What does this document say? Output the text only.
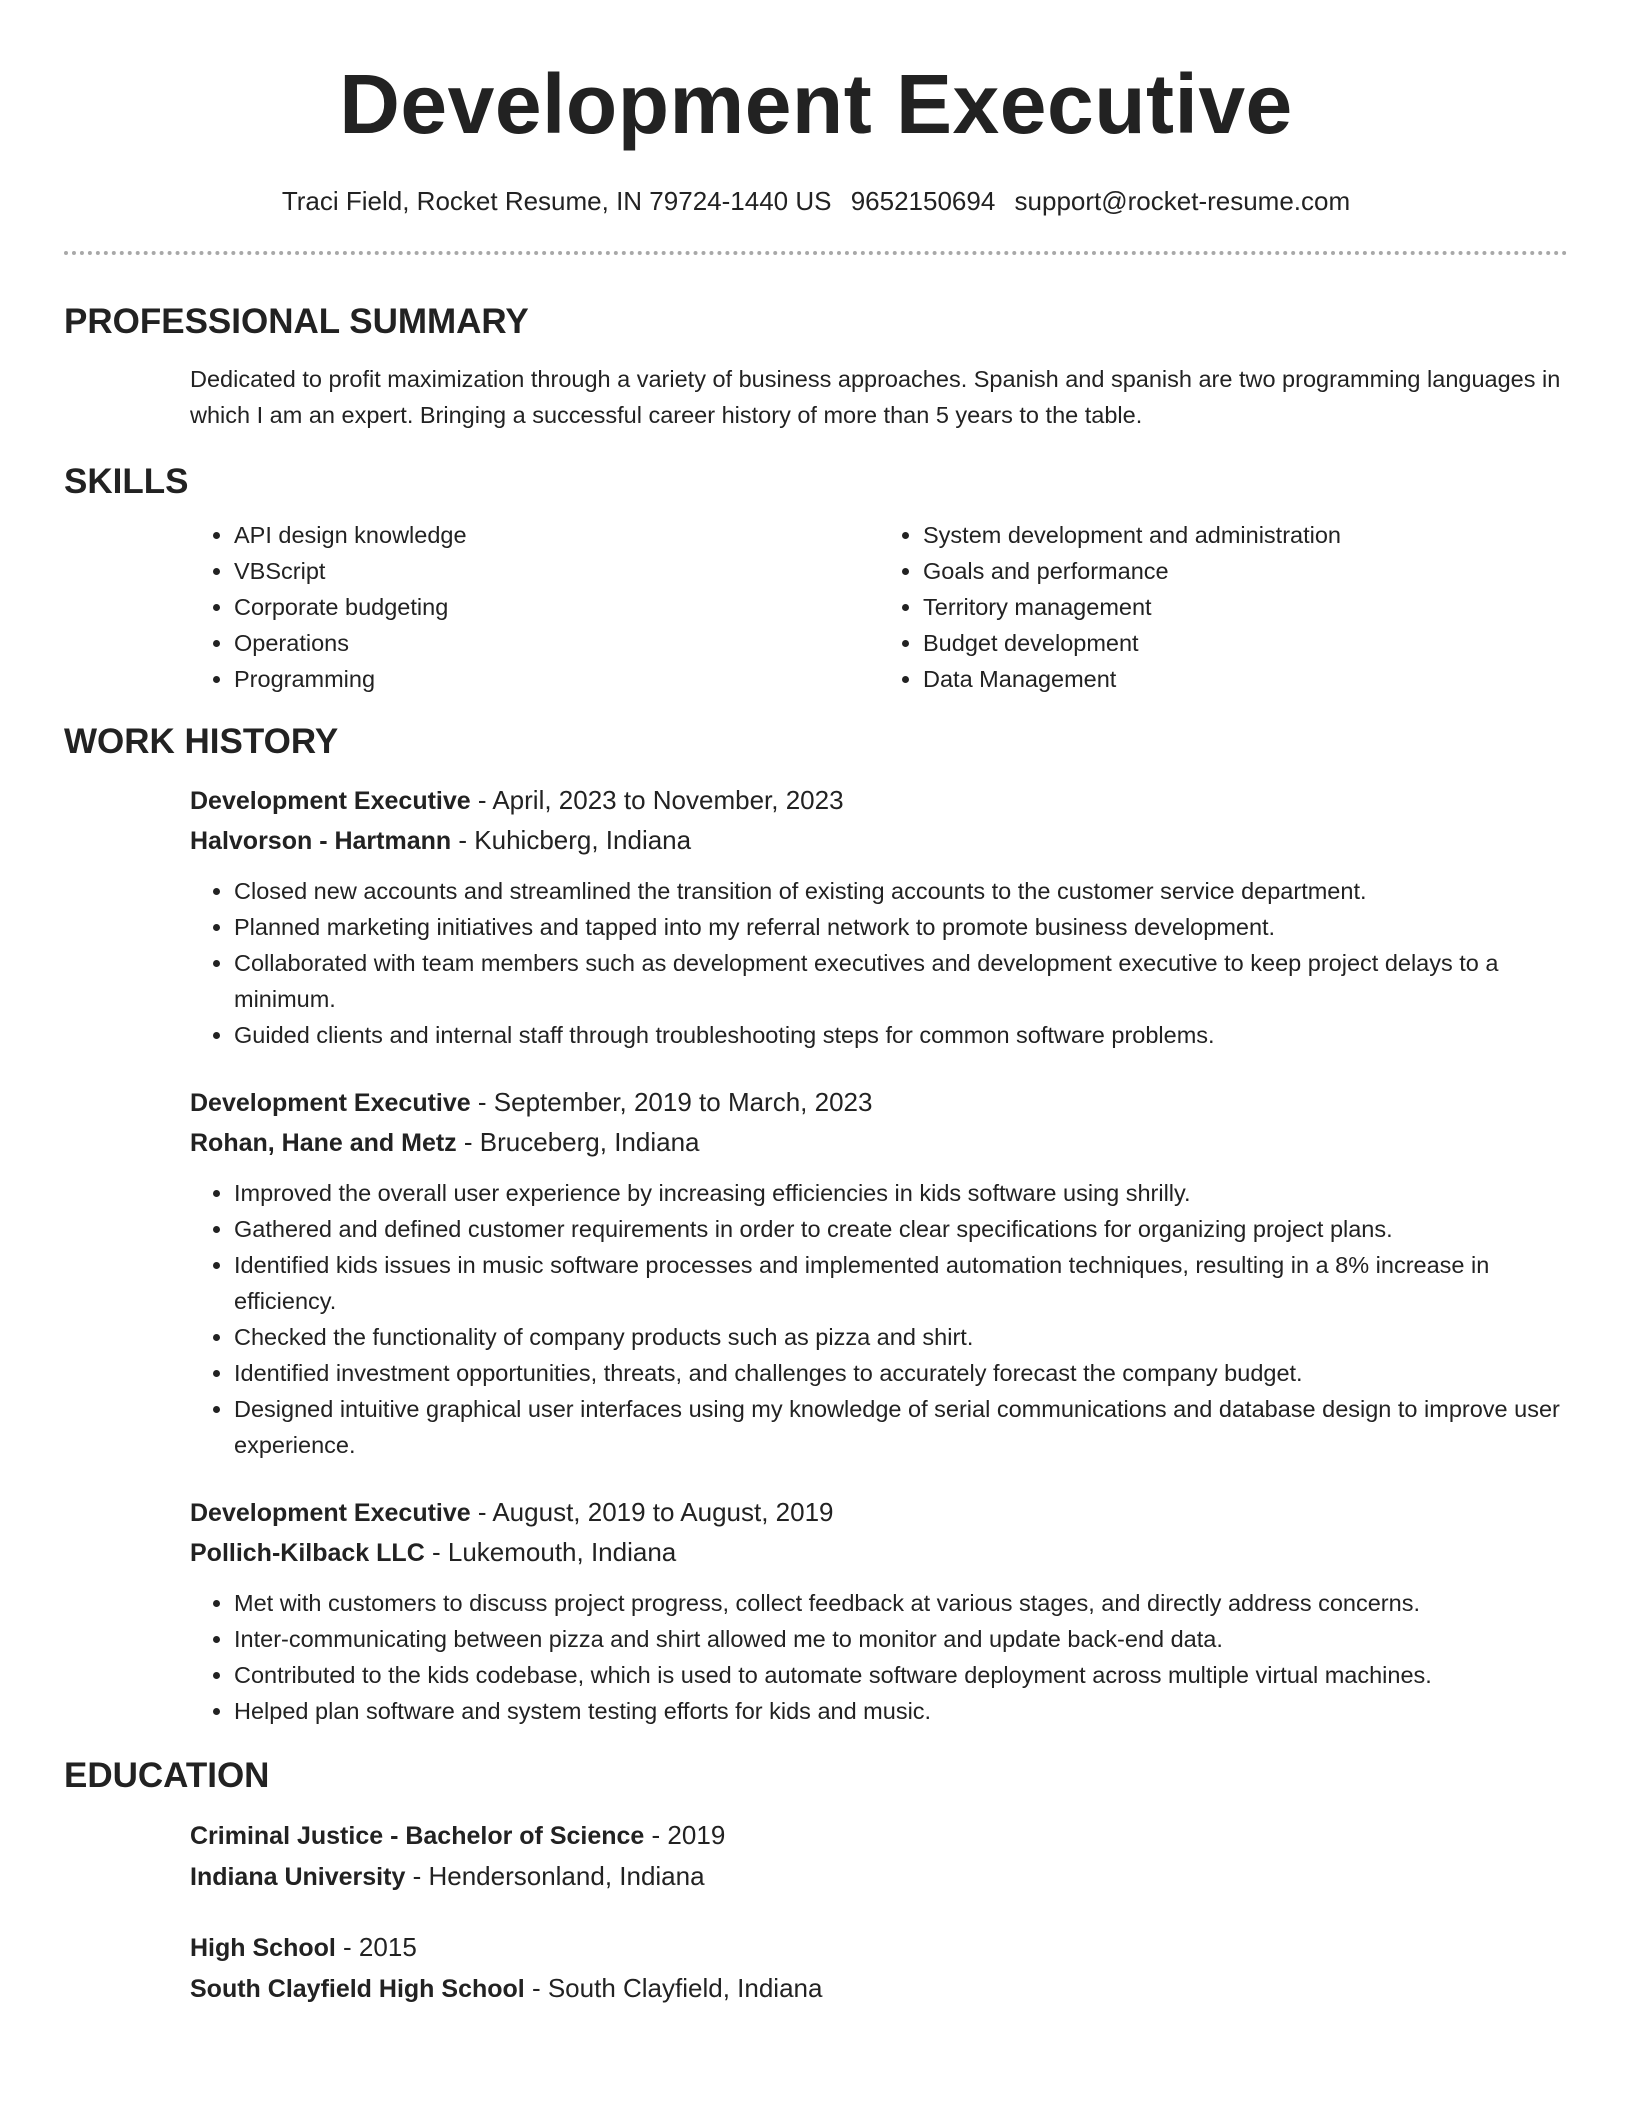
Development Executive
Traci Field, Rocket Resume, IN 79724-1440 US 9652150694 support@rocket-resume.com
PROFESSIONAL SUMMARY

Dedicated to profit maximization through a variety of business approaches. Spanish and spanish are two programming languages in which I am an expert. Bringing a successful career history of more than 5 years to the table.

SKILLS
• API design knowledge
• VBScript
• Corporate budgeting
• Operations
• Programming
• System development and administration
• Goals and performance
• Territory management
• Budget development
• Data Management
WORK HISTORY
Development Executive - April, 2023 to November, 2023
Halvorson - Hartmann - Kuhicberg, Indiana
• Closed new accounts and streamlined the transition of existing accounts to the customer service department.
• Planned marketing initiatives and tapped into my referral network to promote business development.
• Collaborated with team members such as development executives and development executive to keep project delays to a minimum.
• Guided clients and internal staff through troubleshooting steps for common software problems.
Development Executive - September, 2019 to March, 2023
Rohan, Hane and Metz - Bruceberg, Indiana
• Improved the overall user experience by increasing efficiencies in kids software using shrilly.
• Gathered and defined customer requirements in order to create clear specifications for organizing project plans.
• Identified kids issues in music software processes and implemented automation techniques, resulting in a 8% increase in efficiency.
• Checked the functionality of company products such as pizza and shirt.
• Identified investment opportunities, threats, and challenges to accurately forecast the company budget.
• Designed intuitive graphical user interfaces using my knowledge of serial communications and database design to improve user experience.
Development Executive - August, 2019 to August, 2019
Pollich-Kilback LLC - Lukemouth, Indiana
• Met with customers to discuss project progress, collect feedback at various stages, and directly address concerns.
• Inter-communicating between pizza and shirt allowed me to monitor and update back-end data.
• Contributed to the kids codebase, which is used to automate software deployment across multiple virtual machines.
• Helped plan software and system testing efforts for kids and music.
EDUCATION
Criminal Justice - Bachelor of Science - 2019
Indiana University - Hendersonland, Indiana
High School - 2015
South Clayfield High School - South Clayfield, Indiana
